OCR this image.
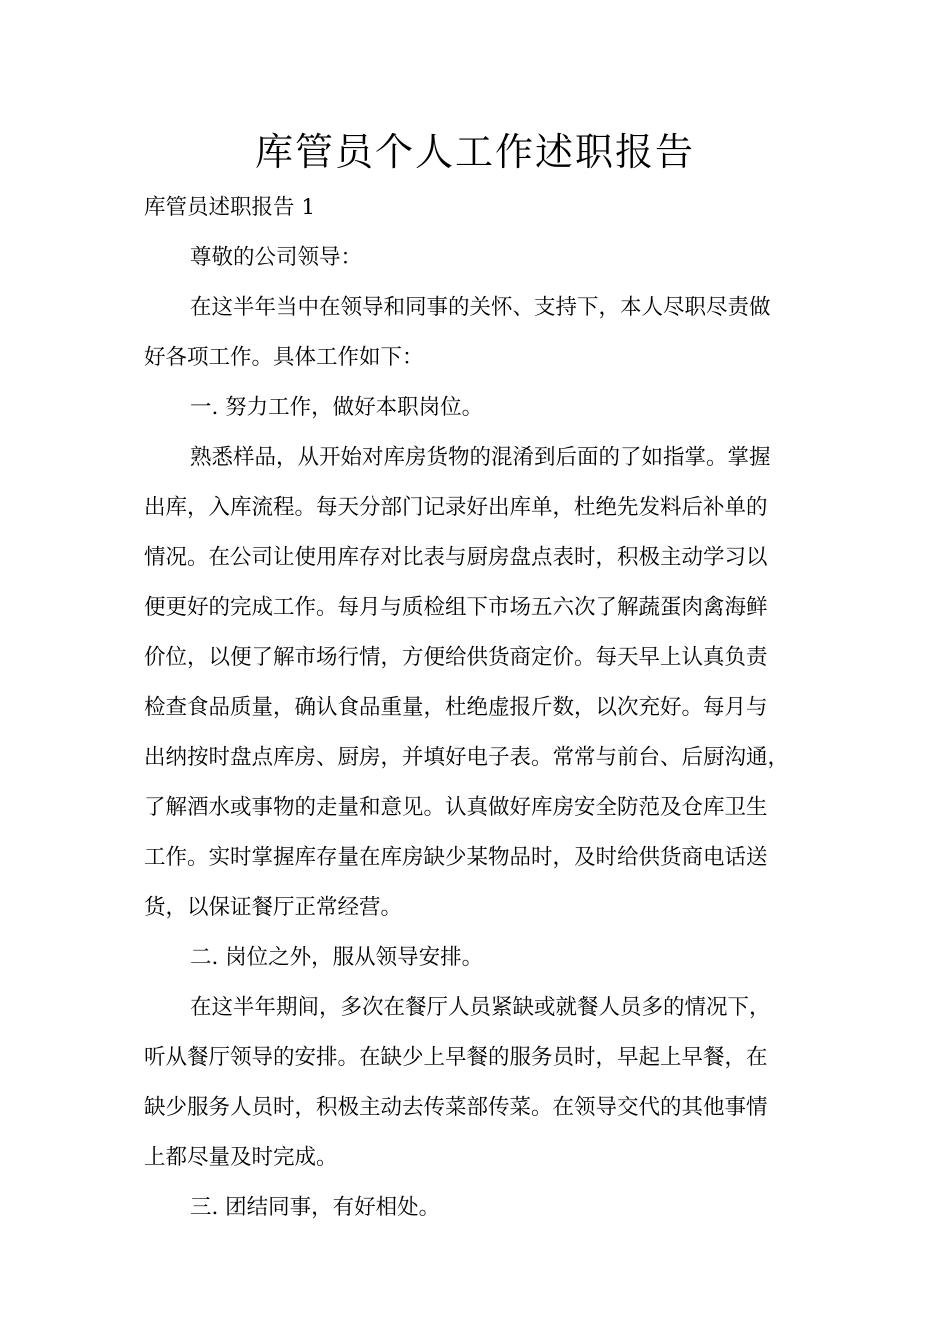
库管员个人工作述职报告
库管员述职报告 1
尊敬的公司领导：
在这半年当中在领导和同事的关怀、支持下，本人尽职尽责做
好各项工作。具体工作如下：
一. 努力工作，做好本职岗位。
熟悉样品，从开始对库房货物的混淆到后面的了如指掌。掌握
出库，入库流程。每天分部门记录好出库单，杜绝先发料后补单的
情况。在公司让使用库存对比表与厨房盘点表时，积极主动学习以
便更好的完成工作。每月与质检组下市场五六次了解蔬蛋肉禽海鲜
价位，以便了解市场行情，方便给供货商定价。每天早上认真负责
检查食品质量，确认食品重量，杜绝虚报斤数，以次充好。每月与
出纳按时盘点库房、厨房，并填好电子表。常常与前台、后厨沟通，
了解酒水或事物的走量和意见。认真做好库房安全防范及仓库卫生
工作。实时掌握库存量在库房缺少某物品时，及时给供货商电话送
货，以保证餐厅正常经营。
二. 岗位之外，服从领导安排。
在这半年期间，多次在餐厅人员紧缺或就餐人员多的情况下，
听从餐厅领导的安排。在缺少上早餐的服务员时，早起上早餐，在
缺少服务人员时，积极主动去传菜部传菜。在领导交代的其他事情
上都尽量及时完成。
三. 团结同事，有好相处。
